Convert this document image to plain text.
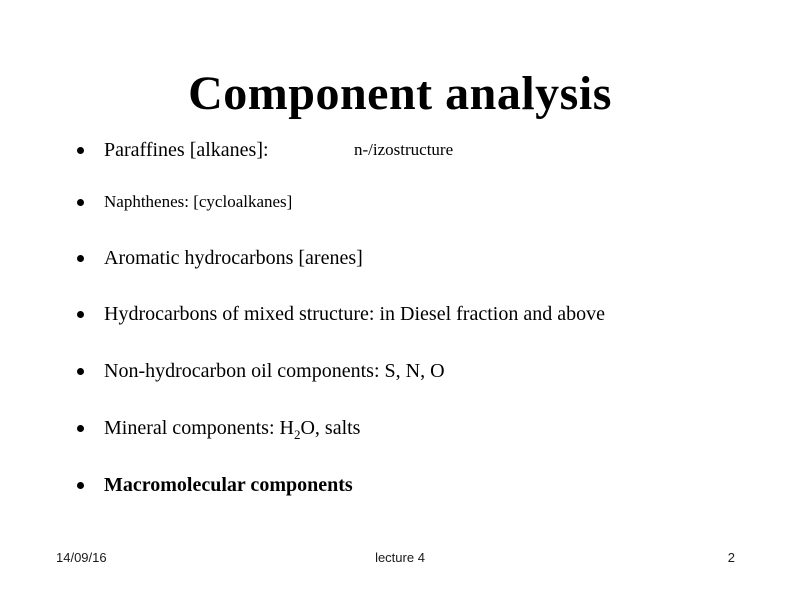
Component analysis
Paraffines [alkanes]:	n-/izostructure
Naphthenes: [cycloalkanes]
Aromatic hydrocarbons [arenes]
Hydrocarbons of mixed structure: in Diesel fraction and above
Non-hydrocarbon oil components: S, N, O
Mineral components: $H_2O$, salts
Macromolecular components
14/09/16	lecture 4	2
